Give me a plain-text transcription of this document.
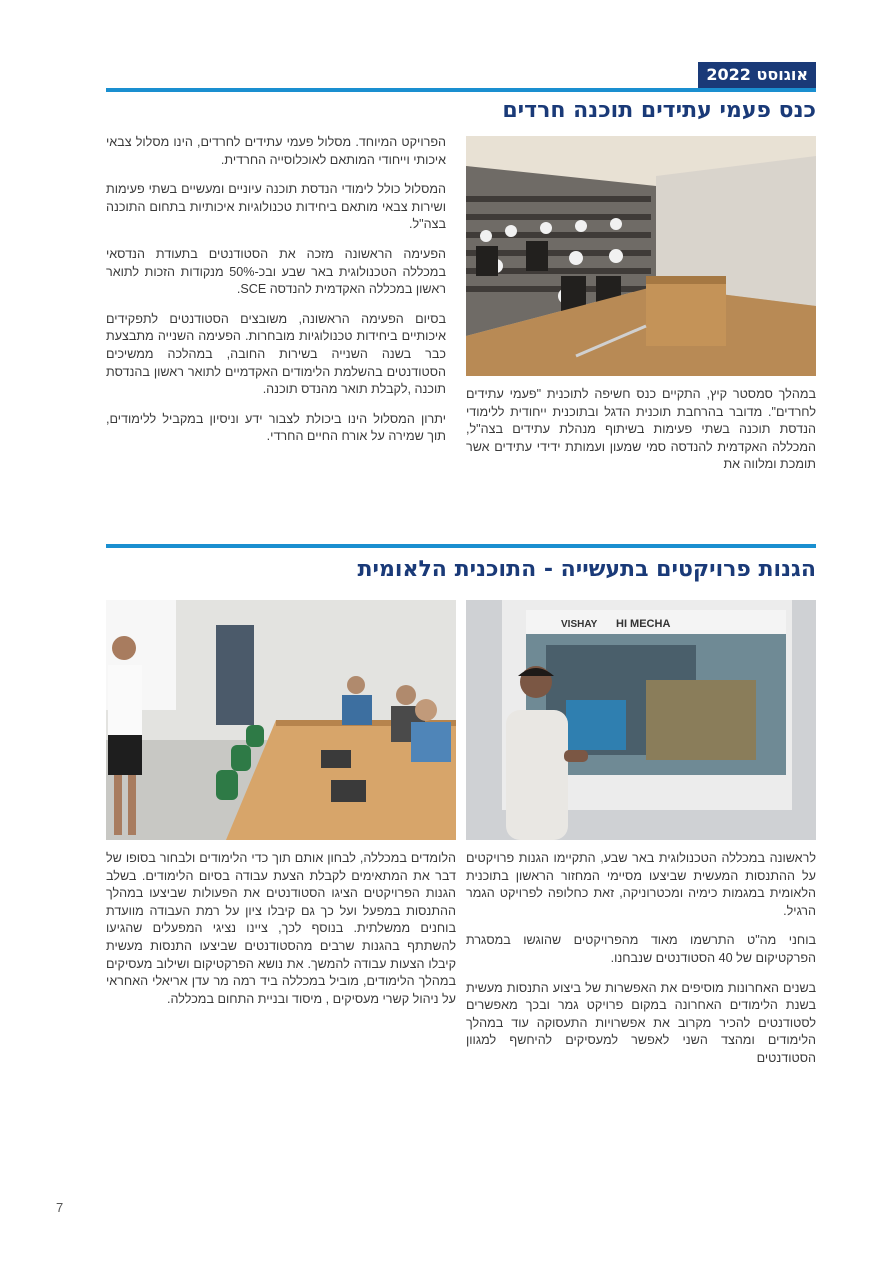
אוגוסט 2022
כנס פעמי עתידים תוכנה חרדים

במהלך סמסטר קיץ, התקיים כנס חשיפה לתוכנית "פעמי עתידים לחרדים". מדובר בהרחבת תוכנית הדגל ובתוכנית ייחודית ללימודי הנדסת תוכנה בשתי פעימות בשיתוף מנהלת עתידים בצה"ל, המכללה האקדמית להנדסה סמי שמעון ועמותת ידידי עתידים אשר תומכת ומלווה את

הפרויקט המיוחד. מסלול פעמי עתידים לחרדים, הינו מסלול צבאי איכותי וייחודי המותאם לאוכלוסייה החרדית.

המסלול כולל לימודי הנדסת תוכנה עיוניים ומעשיים בשתי פעימות ושירות צבאי מותאם ביחידות טכנולוגיות איכותיות בתחום התוכנה בצה"ל.

הפעימה הראשונה מזכה את הסטודנטים בתעודת הנדסאי במכללה הטכנולוגית באר שבע ובכ-50% מנקודות הזכות לתואר ראשון במכללה האקדמית להנדסה SCE.

בסיום הפעימה הראשונה, משובצים הסטודנטים לתפקידים איכותיים ביחידות טכנולוגיות מובחרות. הפעימה השנייה מתבצעת כבר בשנה השנייה בשירות החובה, במהלכה ממשיכים הסטודנטים בהשלמת הלימודים האקדמיים לתואר ראשון בהנדסת תוכנה ,לקבלת תואר מהנדס תוכנה.

יתרון המסלול הינו ביכולת לצבור ידע וניסיון במקביל ללימודים, תוך שמירה על אורח החיים החרדי.

הגנות פרויקטים בתעשייה - התוכנית הלאומית
VISHAY HI MECHA

לראשונה במכללה הטכנולוגית באר שבע, התקיימו הגנות פרויקטים על ההתנסות המעשית שביצעו מסיימי המחזור הראשון בתוכנית הלאומית במגמות כימיה ומכטרוניקה, זאת כחלופה לפרויקט הגמר הרגיל.

בוחני מה"ט התרשמו מאוד מהפרויקטים שהוגשו במסגרת הפרקטיקום של 40 הסטודנטים שנבחנו.

בשנים האחרונות מוסיפים את האפשרות של ביצוע התנסות מעשית בשנת הלימודים האחרונה במקום פרויקט גמר ובכך מאפשרים לסטודנטים להכיר מקרוב את אפשרויות התעסוקה עוד במהלך הלימודים ומהצד השני לאפשר למעסיקים להיחשף למגוון הסטודנטים

הלומדים במכללה, לבחון אותם תוך כדי הלימודים ולבחור בסופו של דבר את המתאימים לקבלת הצעת עבודה בסיום הלימודים. בשלב הגנות הפרויקטים הציגו הסטודנטים את הפעולות שביצעו במהלך ההתנסות במפעל ועל כך גם קיבלו ציון על רמת העבודה מוועדת בוחנים ממשלתית. בנוסף לכך, ציינו נציגי המפעלים שהגיעו להשתתף בהגנות שרבים מהסטודנטים שביצעו התנסות מעשית קיבלו הצעות עבודה להמשך. את נושא הפרקטיקום ושילוב מעסיקים במהלך הלימודים, מוביל במכללה ביד רמה מר עדן אריאלי האחראי על ניהול קשרי מעסיקים , מיסוד ובניית התחום במכללה.

7
